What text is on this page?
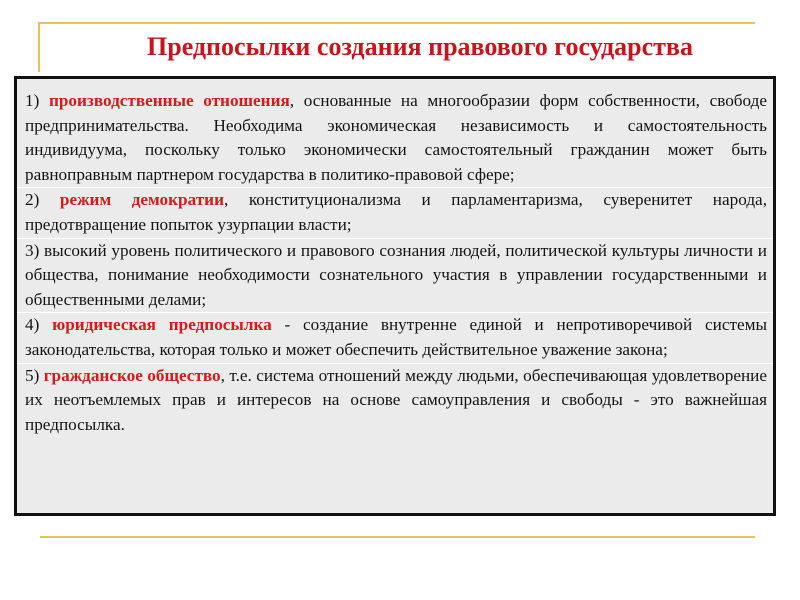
Предпосылки создания правового государства

1) производственные отношения, основанные на многообразии форм собственности, свободе предпринимательства. Необходима экономическая независимость и самостоятельность индивидуума, поскольку только экономически самостоятельный гражданин может быть равноправным партнером государства в политико-правовой сфере;

2) режим демократии, конституционализма и парламентаризма, суверенитет народа, предотвращение попыток узурпации власти;

3) высокий уровень политического и правового сознания людей, политической культуры личности и общества, понимание необходимости сознательного участия в управлении государственными и общественными делами;

4) юридическая предпосылка - создание внутренне единой и непротиворечивой системы законодательства, которая только и может обеспечить действительное уважение закона;

5) гражданское общество, т.е. система отношений между людьми, обеспечивающая удовлетворение их неотъемлемых прав и интересов на основе самоуправления и свободы - это важнейшая предпосылка.
